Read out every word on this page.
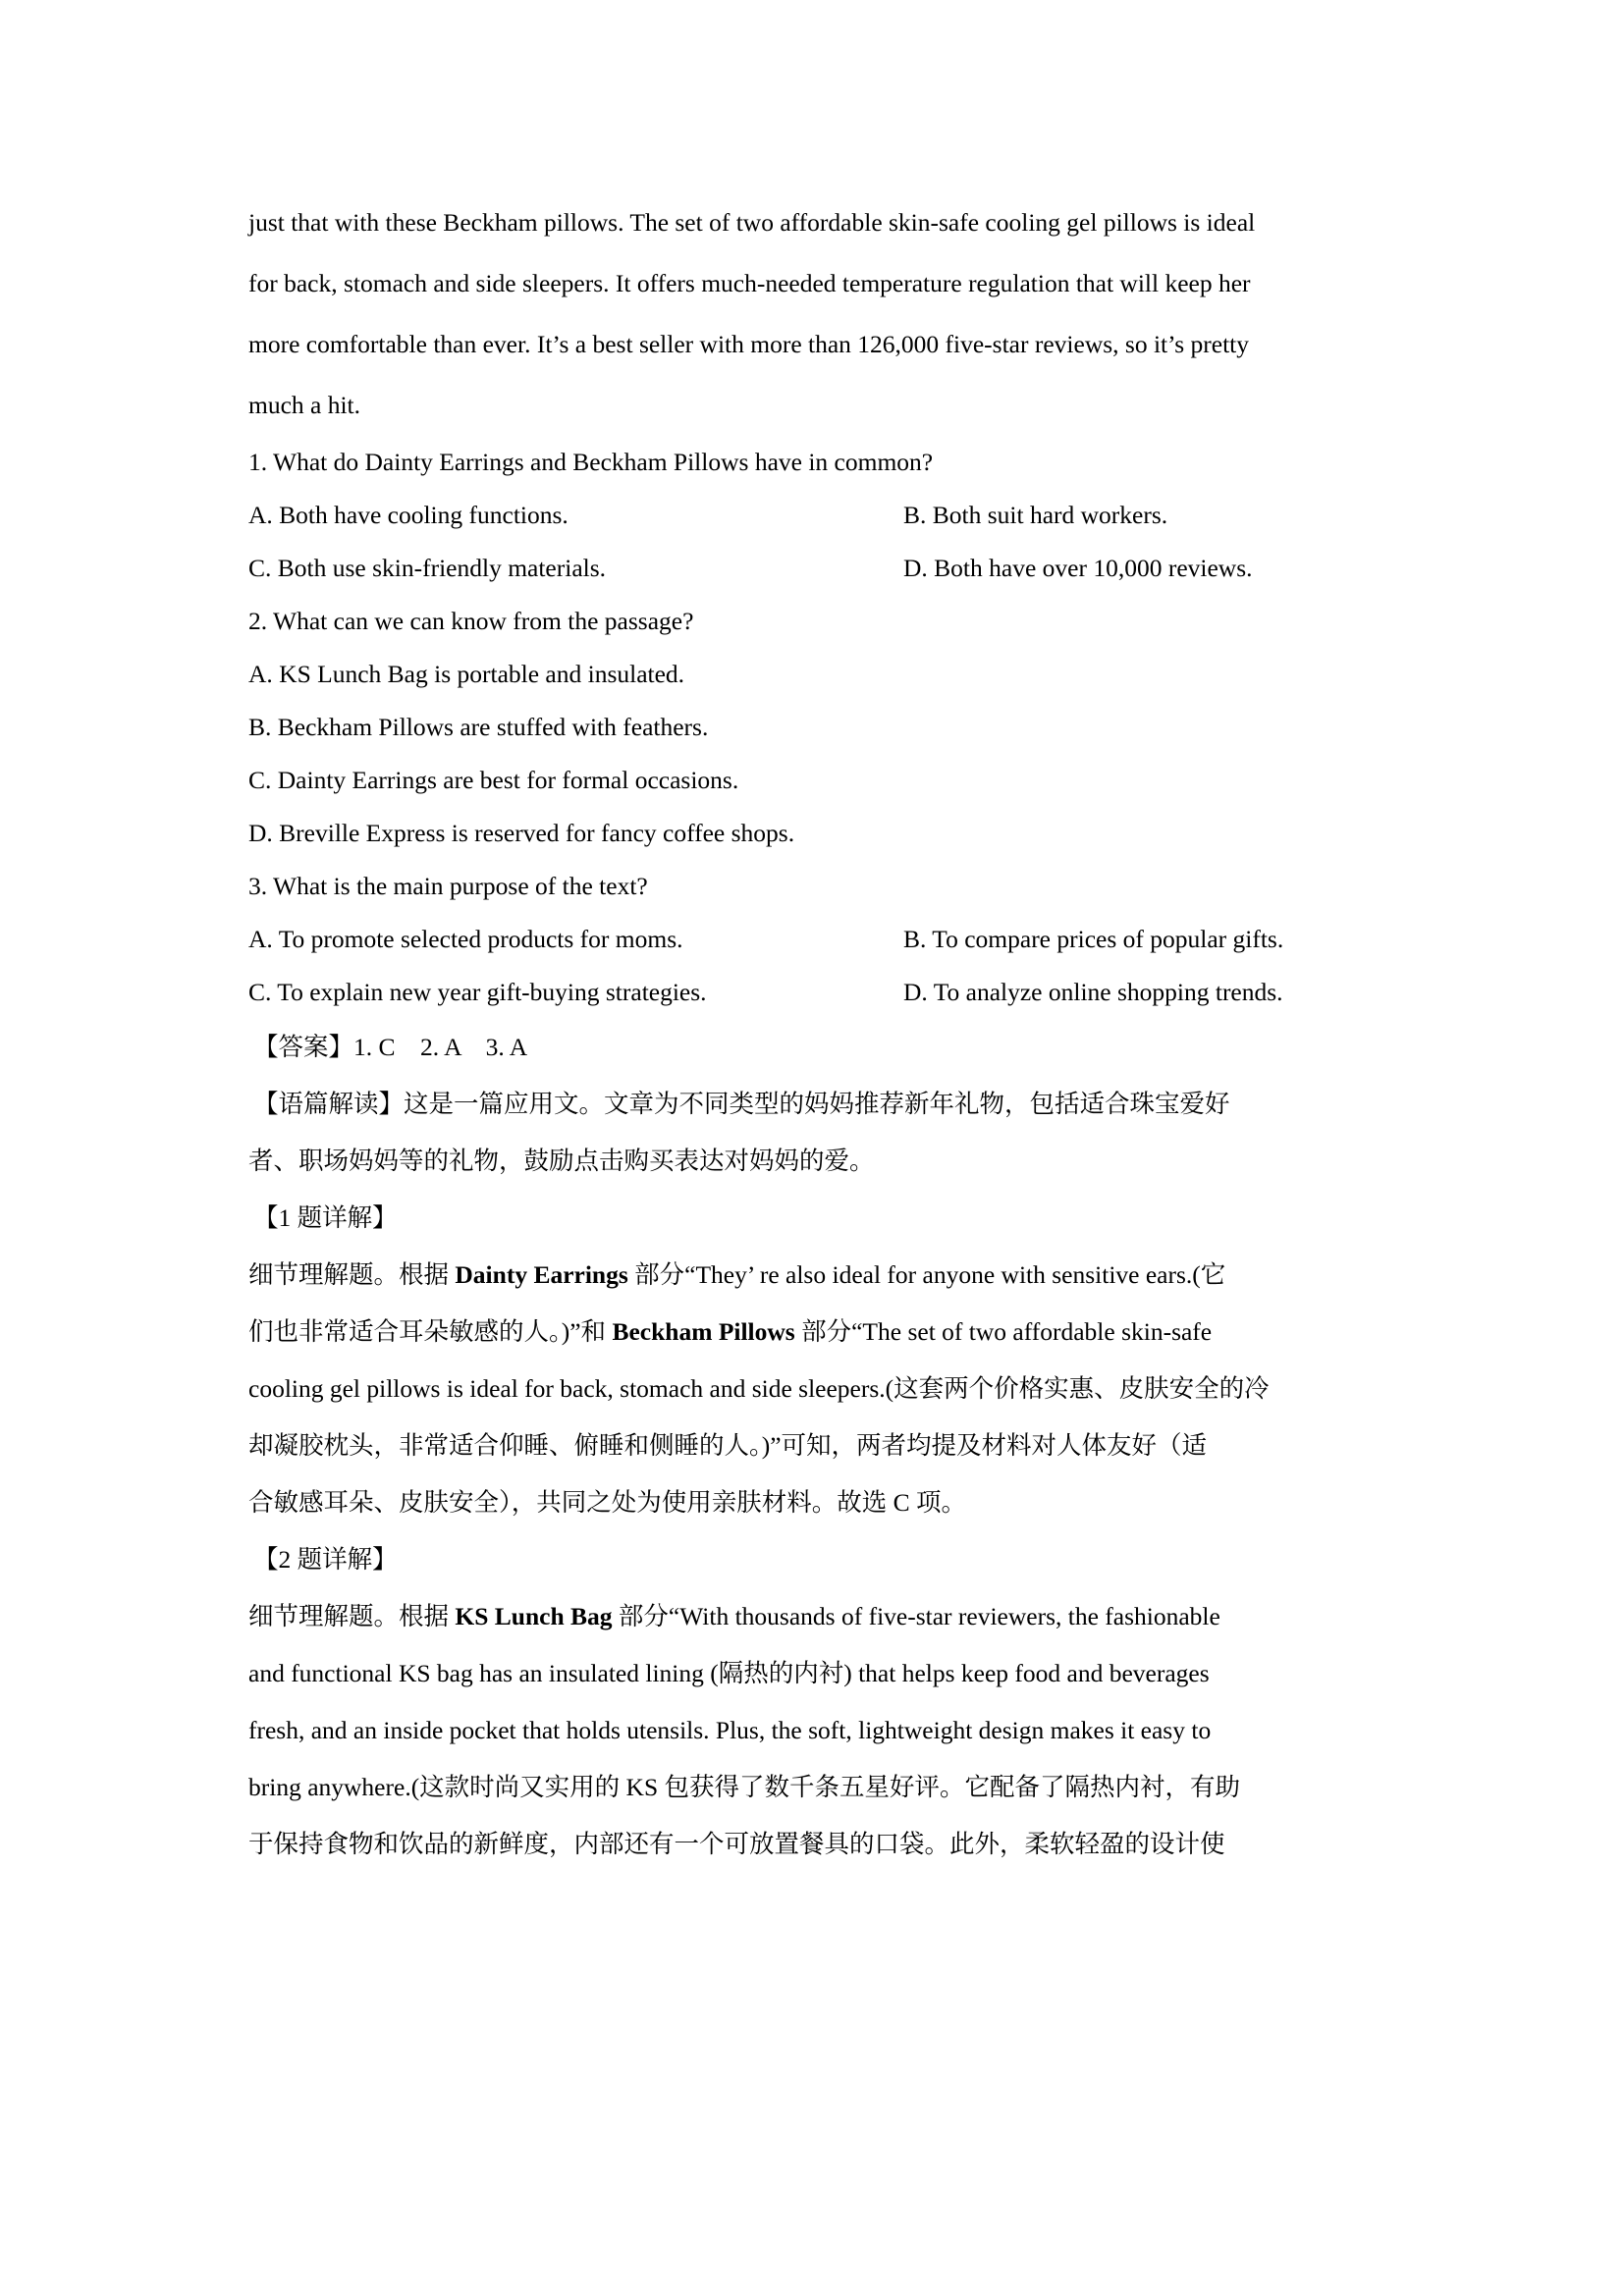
just that with these Beckham pillows. The set of two affordable skin-safe cooling gel pillows is ideal

for back, stomach and side sleepers. It offers much-needed temperature regulation that will keep her

more comfortable than ever. It’s a best seller with more than 126,000 five-star reviews, so it’s pretty

much a hit.

1. What do Dainty Earrings and Beckham Pillows have in common?

A. Both have cooling functions.	B. Both suit hard workers.
C. Both use skin-friendly materials.	D. Both have over 10,000 reviews.

2. What can we can know from the passage?

A. KS Lunch Bag is portable and insulated.

B. Beckham Pillows are stuffed with feathers.

C. Dainty Earrings are best for formal occasions.

D. Breville Express is reserved for fancy coffee shops.

3. What is the main purpose of the text?

A. To promote selected products for moms.	B. To compare prices of popular gifts.
C. To explain new year gift-buying strategies.	D. To analyze online shopping trends.

【答案】1. C　2. A　3. A

【语篇解读】这是一篇应用文。文章为不同类型的妈妈推荐新年礼物，包括适合珠宝爱好

者、职场妈妈等的礼物，鼓励点击购买表达对妈妈的爱。

【1 题详解】

细节理解题。根据 Dainty Earrings 部分“They’ re also ideal for anyone with sensitive ears.(它

们也非常适合耳朵敏感的人。)”和 Beckham Pillows 部分“The set of two affordable skin-safe

cooling gel pillows is ideal for back, stomach and side sleepers.(这套两个价格实惠、皮肤安全的冷

却凝胶枕头，非常适合仰睡、俯睡和侧睡的人。)”可知，两者均提及材料对人体友好（适

合敏感耳朵、皮肤安全），共同之处为使用亲肤材料。故选 C 项。

【2 题详解】

细节理解题。根据 KS Lunch Bag 部分“With thousands of five-star reviewers, the fashionable

and functional KS bag has an insulated lining (隔热的内衬) that helps keep food and beverages

fresh, and an inside pocket that holds utensils. Plus, the soft, lightweight design makes it easy to

bring anywhere.(这款时尚又实用的 KS 包获得了数千条五星好评。它配备了隔热内衬，有助

于保持食物和饮品的新鲜度，内部还有一个可放置餐具的口袋。此外，柔软轻盈的设计使
